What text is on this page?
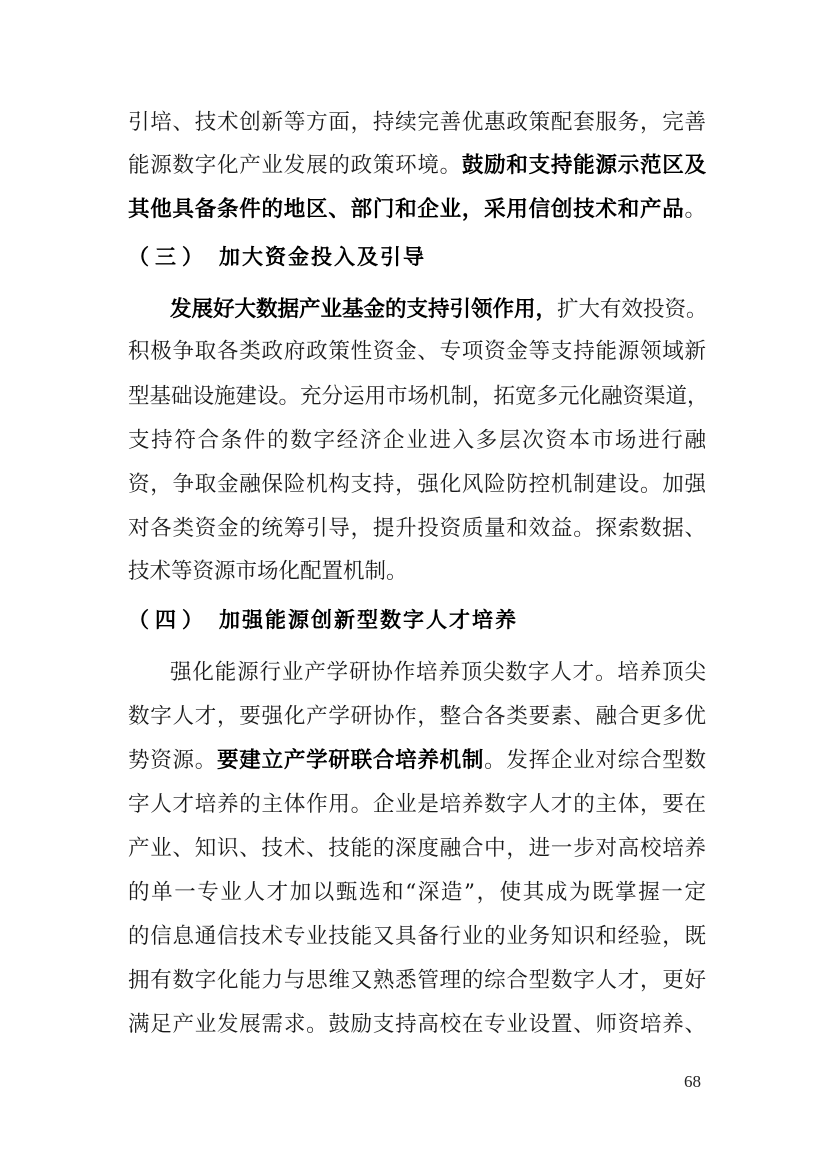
引培、技术创新等方面，持续完善优惠政策配套服务，完善
能源数字化产业发展的政策环境。鼓励和支持能源示范区及
其他具备条件的地区、部门和企业，采用信创技术和产品。
（三） 加大资金投入及引导
发展好大数据产业基金的支持引领作用，扩大有效投资。
积极争取各类政府政策性资金、专项资金等支持能源领域新
型基础设施建设。充分运用市场机制，拓宽多元化融资渠道，
支持符合条件的数字经济企业进入多层次资本市场进行融
资，争取金融保险机构支持，强化风险防控机制建设。加强
对各类资金的统筹引导，提升投资质量和效益。探索数据、
技术等资源市场化配置机制。
（四） 加强能源创新型数字人才培养
强化能源行业产学研协作培养顶尖数字人才。培养顶尖
数字人才，要强化产学研协作，整合各类要素、融合更多优
势资源。要建立产学研联合培养机制。发挥企业对综合型数
字人才培养的主体作用。企业是培养数字人才的主体，要在
产业、知识、技术、技能的深度融合中，进一步对高校培养
的单一专业人才加以甄选和“深造”，使其成为既掌握一定
的信息通信技术专业技能又具备行业的业务知识和经验，既
拥有数字化能力与思维又熟悉管理的综合型数字人才，更好
满足产业发展需求。鼓励支持高校在专业设置、师资培养、
68
